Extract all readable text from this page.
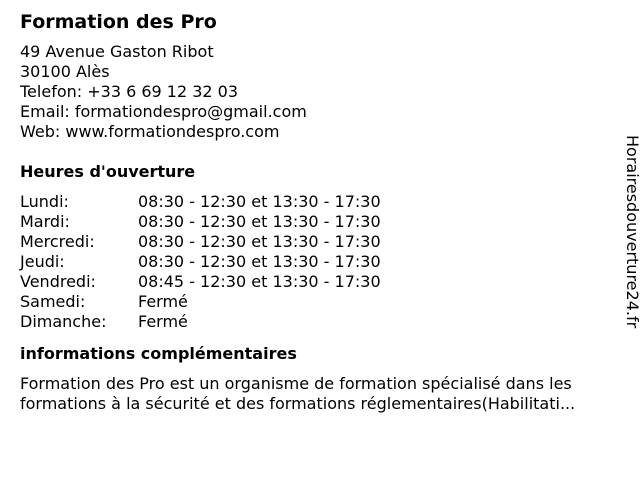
Formation des Pro
49 Avenue Gaston Ribot
30100 Alès
Telefon: +33 6 69 12 32 03
Email: formationdespro@gmail.com
Web: www.formationdespro.com
Heures d'ouverture
Lundi:	08:30 - 12:30 et 13:30 - 17:30
Mardi:	08:30 - 12:30 et 13:30 - 17:30
Mercredi:	08:30 - 12:30 et 13:30 - 17:30
Jeudi:	08:30 - 12:30 et 13:30 - 17:30
Vendredi:	08:45 - 12:30 et 13:30 - 17:30
Samedi:	Fermé
Dimanche: Fermé
informations complémentaires
Formation des Pro est un organisme de formation spécialisé dans les
formations à la sécurité et des formations réglementaires(Habilitati...
Horairesdouverture24.fr
